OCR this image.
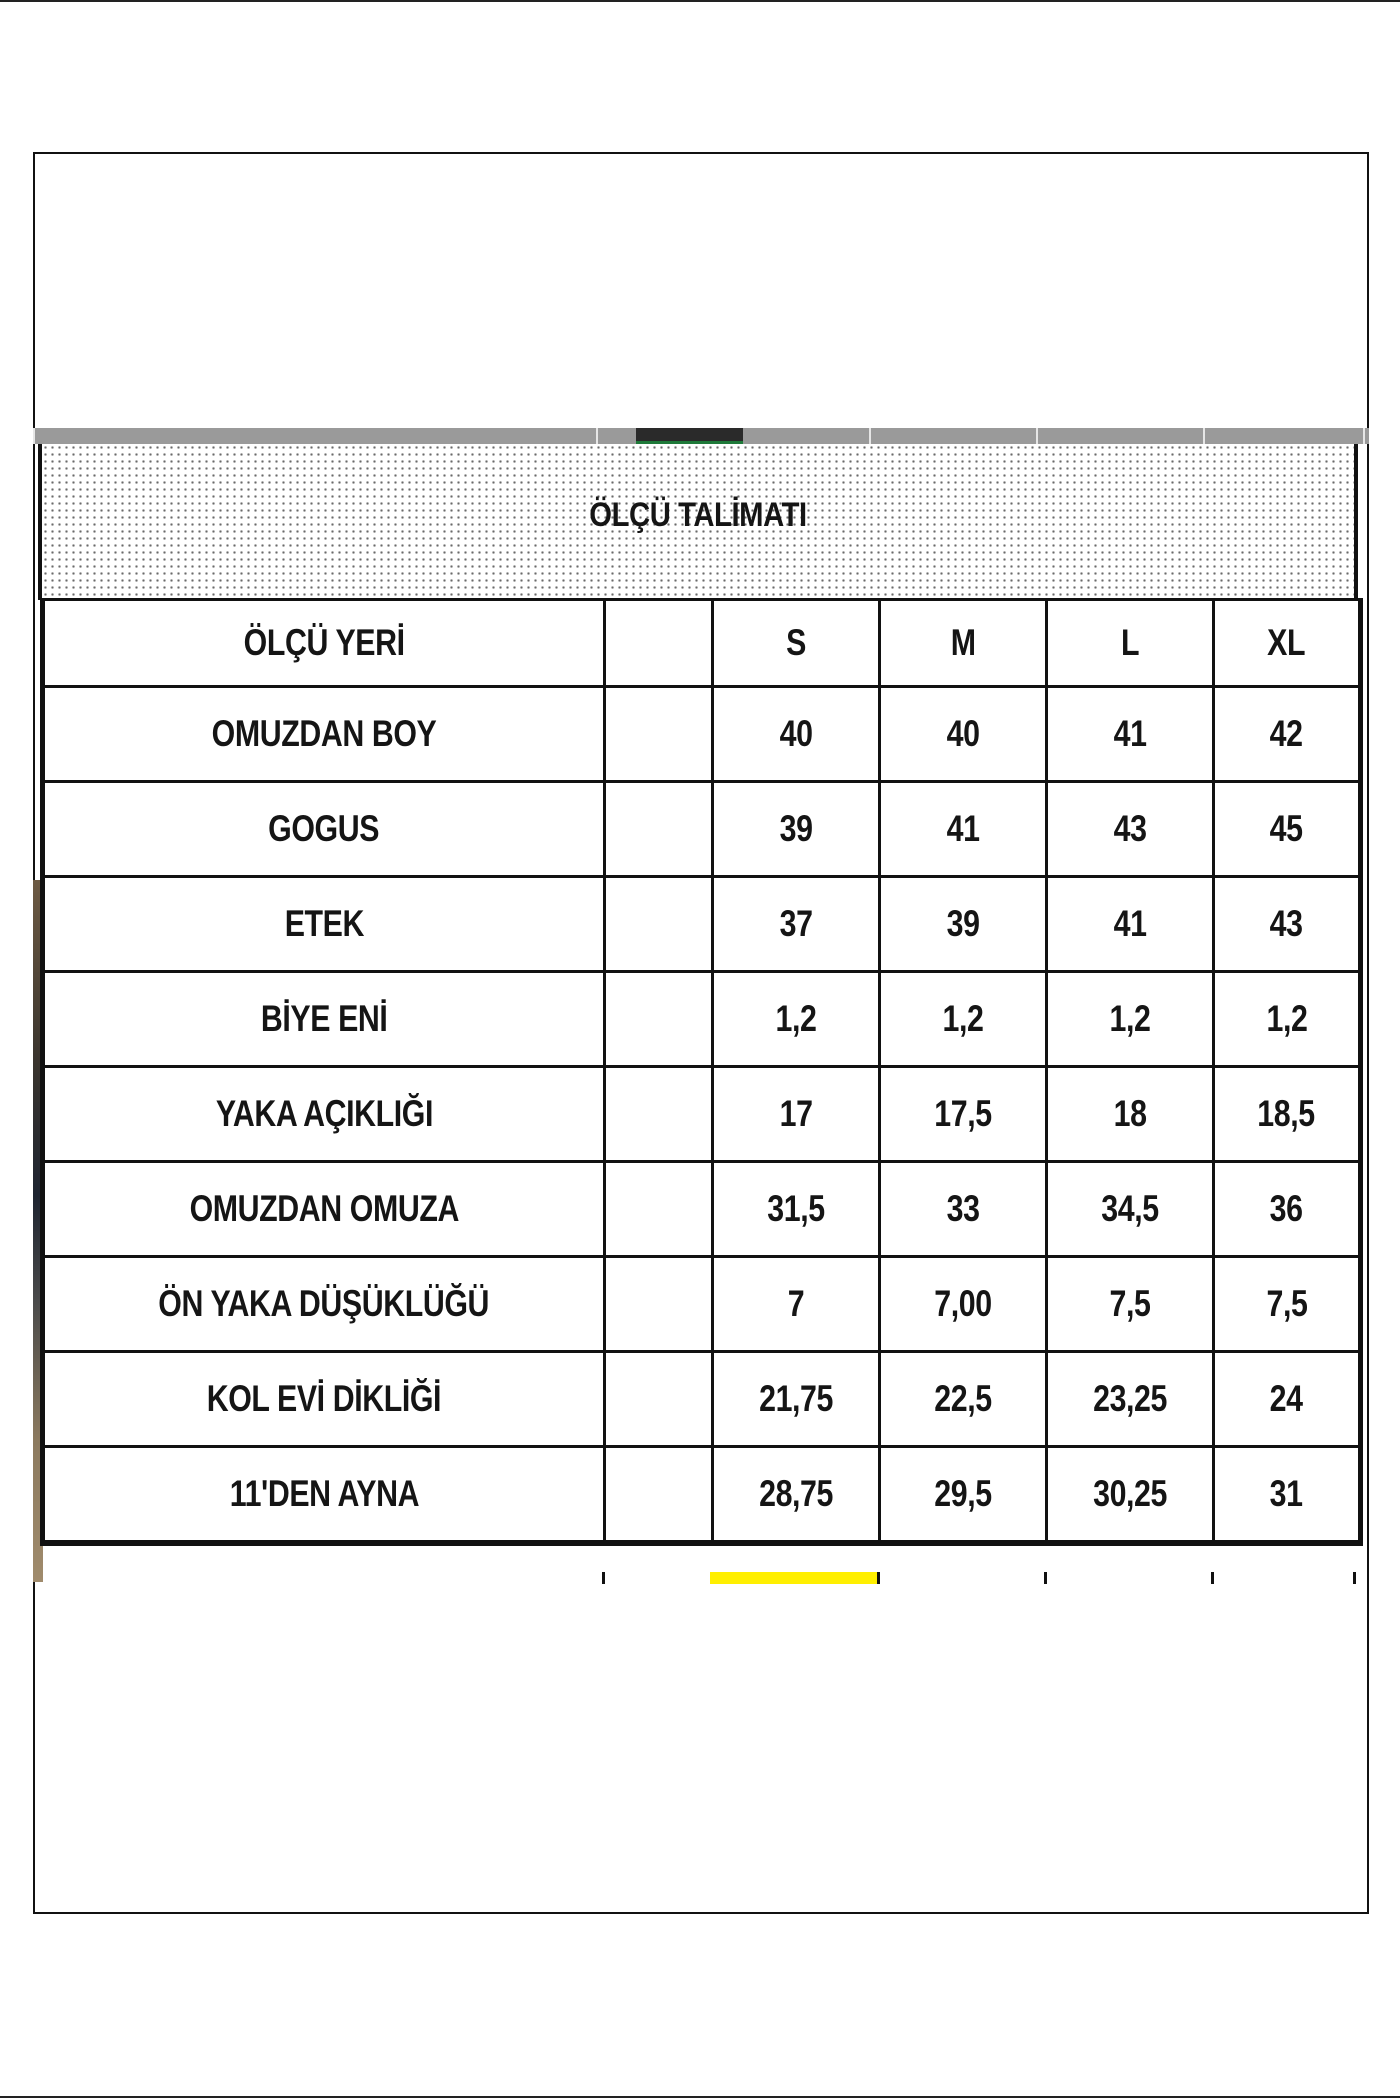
ÖLÇÜ TALİMATI
ÖLÇÜ YERİ		S	M	L	XL
OMUZDAN BOY		40	40	41	42
GOGUS		39	41	43	45
ETEK		37	39	41	43
BİYE ENİ		1,2	1,2	1,2	1,2
YAKA AÇIKLIĞI		17	17,5	18	18,5
OMUZDAN OMUZA		31,5	33	34,5	36
ÖN YAKA DÜŞÜKLÜĞÜ		7	7,00	7,5	7,5
KOL EVİ DİKLİĞİ		21,75	22,5	23,25	24
11'DEN AYNA		28,75	29,5	30,25	31
